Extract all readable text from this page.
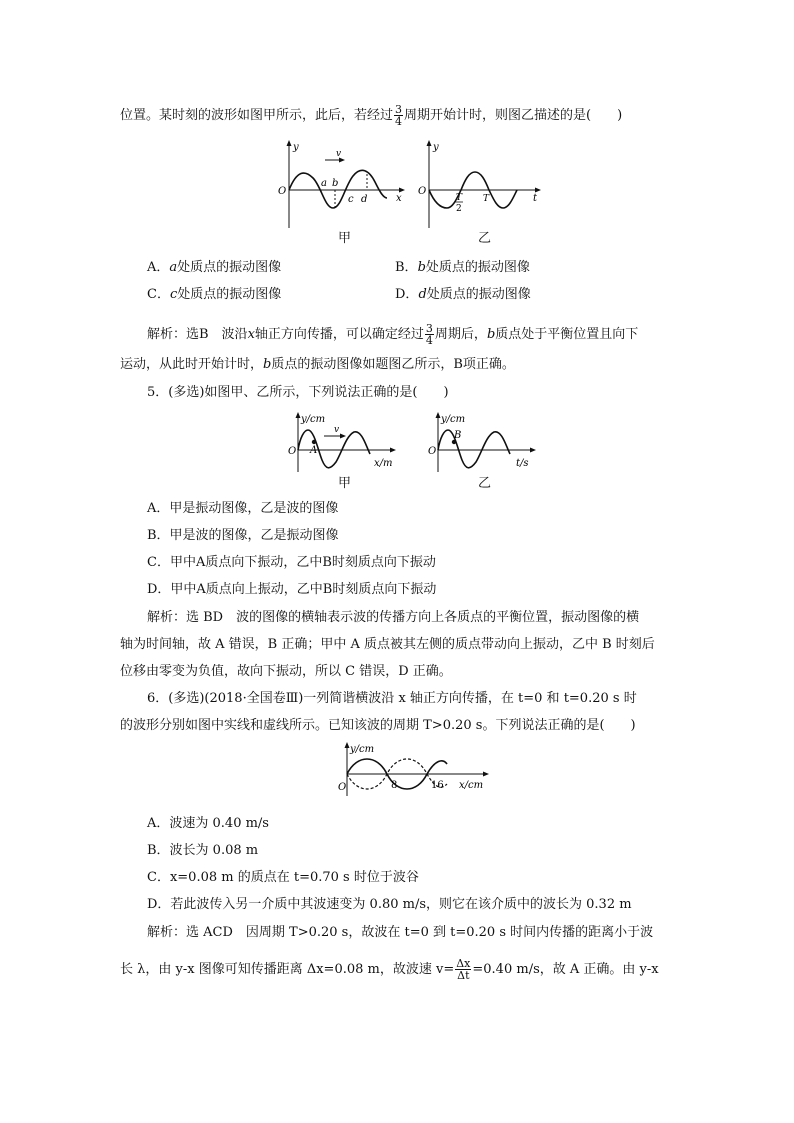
位置。某时刻的波形如图甲所示，此后，若经过 $\frac{3}{4}$ 周期开始计时，则图乙描述的是(　　)
y
x
O
v
a b
c d
甲
y
t
O
T
2
T
乙
A．a处质点的振动图像	B．b处质点的振动图像
C．c处质点的振动图像	D．d处质点的振动图像
解析：选B　波沿x轴正方向传播，可以确定经过 $\frac{3}{4}$ 周期后，b质点处于平衡位置且向下
运动，从此时开始计时，b质点的振动图像如题图乙所示，B项正确。
5．(多选)如图甲、乙所示，下列说法正确的是(　　)
y/cm
x/m
O
v
A
甲
y/cm
t/s
O
B
乙
A．甲是振动图像，乙是波的图像
B．甲是波的图像，乙是振动图像
C．甲中A质点向下振动，乙中B时刻质点向下振动
D．甲中A质点向上振动，乙中B时刻质点向下振动
解析：选 BD　波的图像的横轴表示波的传播方向上各质点的平衡位置，振动图像的横
轴为时间轴，故 A 错误，B 正确；甲中 A 质点被其左侧的质点带动向上振动，乙中 B 时刻后
位移由零变为负值，故向下振动，所以 C 错误，D 正确。
6．(多选)(2018·全国卷Ⅲ)一列简谐横波沿 x 轴正方向传播，在 t=0 和 t=0.20 s 时
的波形分别如图中实线和虚线所示。已知该波的周期 T>0.20 s。下列说法正确的是(　　)
y/cm
x/cm
O	8	16
A．波速为 0.40 m/s
B．波长为 0.08 m
C．x=0.08 m 的质点在 t=0.70 s 时位于波谷
D．若此波传入另一介质中其波速变为 0.80 m/s，则它在该介质中的波长为 0.32 m
解析：选 ACD　因周期 T>0.20 s，故波在 t=0 到 t=0.20 s 时间内传播的距离小于波
长 λ，由 y-x 图像可知传播距离 Δx=0.08 m，故波速 $v= \frac{\Delta x}{\Delta t} =0.40$ m/s，故 A 正确。由 y-x
